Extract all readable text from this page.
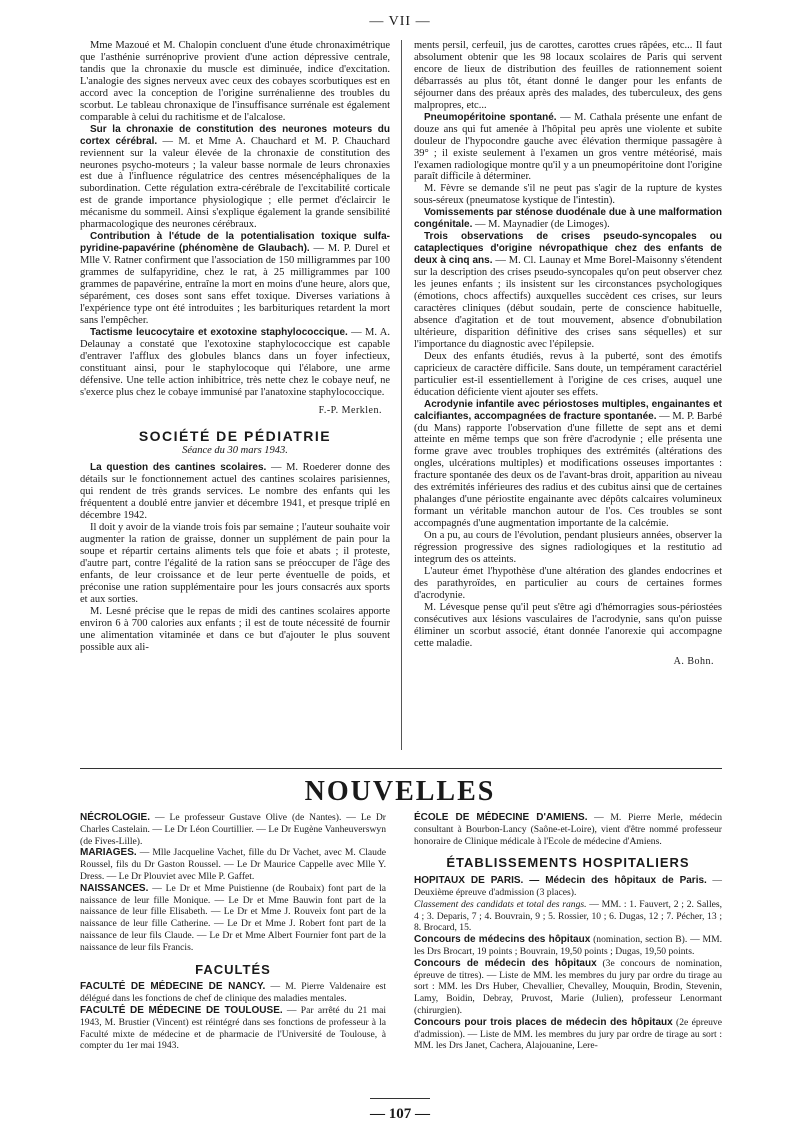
— VII —

Mme Mazoué et M. Chalopin concluent d'une étude chronaximétrique que l'asthénie surrénoprive provient d'une action dépressive centrale, tandis que la chronaxie du muscle est diminuée, indice d'excitation. L'analogie des signes nerveux avec ceux des cobayes scorbutiques est en accord avec la conception de l'origine surrénalienne des troubles du scorbut. Le tableau chronaxique de l'insuffisance surrénale est également comparable à celui du rachitisme et de l'alcalose.

Sur la chronaxie de constitution des neurones moteurs du cortex cérébral. — M. et Mme A. Chauchard et M. P. Chauchard reviennent sur la valeur élevée de la chronaxie de constitution des neurones psycho-moteurs ; la valeur basse normale de leurs chronaxies est due à l'influence régulatrice des centres mésencéphaliques de la subordination. Cette régulation extra-cérébrale de l'excitabilité corticale est de grande importance physiologique ; elle permet d'éclaircir le mécanisme du sommeil. Ainsi s'explique également la grande sensibilité pharmacologique des neurones cérébraux.

Contribution à l'étude de la potentialisation toxique sulfa-pyridine-papavérine (phénomène de Glaubach). — M. P. Durel et Mlle V. Ratner confirment que l'association de 150 milligrammes par 100 grammes de sulfapyridine, chez le rat, à 25 milligrammes par 100 grammes de papavérine, entraîne la mort en moins d'une heure, alors que, séparément, ces doses sont sans effet toxique. Diverses variations à l'expérience type ont été introduites ; les barbituriques retardent la mort sans l'empêcher.

Tactisme leucocytaire et exotoxine staphylococcique. — M. A. Delaunay a constaté que l'exotoxine staphylococcique est capable d'entraver l'afflux des globules blancs dans un foyer infectieux, constituant ainsi, pour le staphylocoque qui l'élabore, une arme défensive. Une telle action inhibitrice, très nette chez le cobaye neuf, ne s'exerce plus chez le cobaye immunisé par l'anatoxine staphylococcique.

F.-P. Merklen.
SOCIÉTÉ DE PÉDIATRIE
Séance du 30 mars 1943.

La question des cantines scolaires. — M. Roederer donne des détails sur le fonctionnement actuel des cantines scolaires parisiennes, qui rendent de très grands services. Le nombre des enfants qui les fréquentent a doublé entre janvier et décembre 1941, et presque triplé en décembre 1942.

Il doit y avoir de la viande trois fois par semaine ; l'auteur souhaite voir augmenter la ration de graisse, donner un supplément de pain pour la soupe et répartir certains aliments tels que foie et abats ; il proteste, d'autre part, contre l'égalité de la ration sans se préoccuper de l'âge des enfants, de leur croissance et de leur perte éventuelle de poids, et préconise une ration supplémentaire pour les jours consacrés aux sports et aux sorties.

M. Lesné précise que le repas de midi des cantines scolaires apporte environ 6 à 700 calories aux enfants ; il est de toute nécessité de fournir une alimentation vitaminée et dans ce but d'ajouter le plus souvent possible aux ali-

ments persil, cerfeuil, jus de carottes, carottes crues râpées, etc... Il faut absolument obtenir que les 98 locaux scolaires de Paris qui servent encore de lieux de distribution des feuilles de rationnement soient débarrassés au plus tôt, étant donné le danger pour les enfants de séjourner dans des préaux après des malades, des tuberculeux, des gens malpropres, etc...

Pneumopéritoine spontané. — M. Cathala présente une enfant de douze ans qui fut amenée à l'hôpital peu après une violente et subite douleur de l'hypocondre gauche avec élévation thermique passagère à 39° ; il existe seulement à l'examen un gros ventre météorisé, mais l'examen radiologique montre qu'il y a un pneumopéritoine dont l'origine paraît difficile à déterminer.

M. Fèvre se demande s'il ne peut pas s'agir de la rupture de kystes sous-séreux (pneumatose kystique de l'intestin).

Vomissements par sténose duodénale due à une malformation congénitale. — M. Maynadier (de Limoges).

Trois observations de crises pseudo-syncopales ou cataplectiques d'origine névropathique chez des enfants de deux à cinq ans. — M. Cl. Launay et Mme Borel-Maisonny s'étendent sur la description des crises pseudo-syncopales qu'on peut observer chez les jeunes enfants ; ils insistent sur les circonstances psychologiques (émotions, chocs affectifs) auxquelles succèdent ces crises, sur leurs caractères cliniques (début soudain, perte de conscience habituelle, absence d'agitation et de tout mouvement, absence d'obnubilation ultérieure, disparition définitive des crises sans séquelles) et sur l'importance du diagnostic avec l'épilepsie.

Deux des enfants étudiés, revus à la puberté, sont des émotifs capricieux de caractère difficile. Sans doute, un tempérament caractériel particulier est-il essentiellement à l'origine de ces crises, auquel une éducation déficiente vient ajouter ses effets.

Acrodynie infantile avec périostoses multiples, engainantes et calcifiantes, accompagnées de fracture spontanée. — M. P. Barbé (du Mans) rapporte l'observation d'une fillette de sept ans et demi atteinte en même temps que son frère d'acrodynie ; elle présenta une forme grave avec troubles trophiques des extrémités (altérations des ongles, ulcérations multiples) et modifications osseuses importantes : fracture spontanée des deux os de l'avant-bras droit, apparition au niveau des extrémités inférieures des radius et des cubitus ainsi que de certaines phalanges d'une périostite engainante avec dépôts calcaires volumineux formant un véritable manchon autour de l'os. Ces troubles se sont accompagnés d'une augmentation importante de la calcémie.

On a pu, au cours de l'évolution, pendant plusieurs années, observer la régression progressive des signes radiologiques et la restitutio ad integrum des os atteints.

L'auteur émet l'hypothèse d'une altération des glandes endocrines et des parathyroïdes, en particulier au cours de certaines formes d'acrodynie.

M. Lévesque pense qu'il peut s'être agi d'hémorragies sous-périostées consécutives aux lésions vasculaires de l'acrodynie, sans qu'on puisse éliminer un scorbut associé, étant donnée l'anorexie qui accompagne cette maladie.

A. Bohn.
NOUVELLES

NÉCROLOGIE. — Le professeur Gustave Olive (de Nantes). — Le Dr Charles Castelain. — Le Dr Léon Courtillier. — Le Dr Eugène Vanheuverswyn (de Fives-Lille).

MARIAGES. — Mlle Jacqueline Vachet, fille du Dr Vachet, avec M. Claude Roussel, fils du Dr Gaston Roussel. — Le Dr Maurice Cappelle avec Mlle Y. Dress. — Le Dr Plouviet avec Mlle P. Gaffet.

NAISSANCES. — Le Dr et Mme Puistienne (de Roubaix) font part de la naissance de leur fille Monique. — Le Dr et Mme Bauwin font part de la naissance de leur fille Elisabeth. — Le Dr et Mme J. Rouveix font part de la naissance de leur fille Catherine. — Le Dr et Mme J. Robert font part de la naissance de leur fils Claude. — Le Dr et Mme Albert Fournier font part de la naissance de leur fils Francis.

FACULTÉS

FACULTÉ DE MÉDECINE DE NANCY. — M. Pierre Valdenaire est délégué dans les fonctions de chef de clinique des maladies mentales.

FACULTÉ DE MÉDECINE DE TOULOUSE. — Par arrêté du 21 mai 1943, M. Brustier (Vincent) est réintégré dans ses fonctions de professeur à la Faculté mixte de médecine et de pharmacie de l'Université de Toulouse, à compter du 1er mai 1943.

ÉCOLE DE MÉDECINE D'AMIENS. — M. Pierre Merle, médecin consultant à Bourbon-Lancy (Saône-et-Loire), vient d'être nommé professeur honoraire de Clinique médicale à l'Ecole de médecine d'Amiens.

ÉTABLISSEMENTS HOSPITALIERS

HOPITAUX DE PARIS. — Médecin des hôpitaux de Paris. — Deuxième épreuve d'admission (3 places).

Classement des candidats et total des rangs. — MM. : 1. Fauvert, 2 ; 2. Salles, 4 ; 3. Deparis, 7 ; 4. Bouvrain, 9 ; 5. Rossier, 10 ; 6. Dugas, 12 ; 7. Pécher, 13 ; 8. Brocard, 15.

Concours de médecins des hôpitaux (nomination, section B). — MM. les Drs Brocart, 19 points ; Bouvrain, 19,50 points ; Dugas, 19,50 points.

Concours de médecin des hôpitaux (3e concours de nomination, épreuve de titres). — Liste de MM. les membres du jury par ordre du tirage au sort : MM. les Drs Huber, Chevallier, Chevalley, Mouquin, Brodin, Stevenin, Lamy, Boidin, Debray, Pruvost, Marie (Julien), professeur Lenormant (chirurgien).

Concours pour trois places de médecin des hôpitaux (2e épreuve d'admission). — Liste de MM. les membres du jury par ordre de tirage au sort : MM. les Drs Janet, Cachera, Alajouanine, Lere-

— 107 —
